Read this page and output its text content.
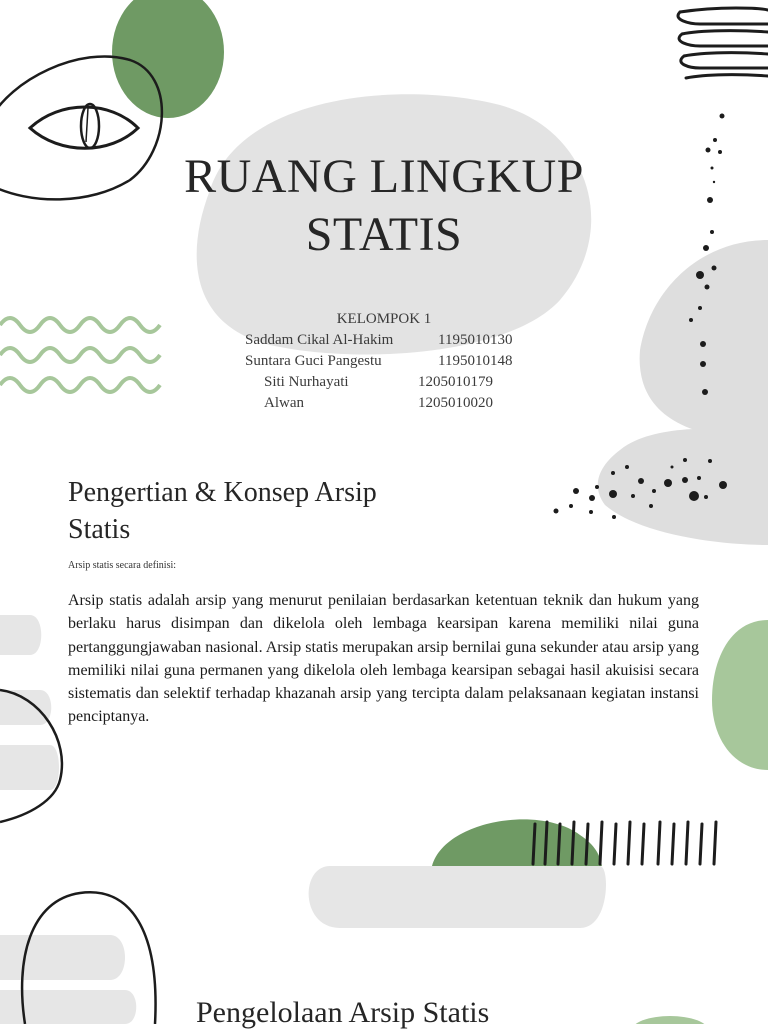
RUANG LINGKUP
STATIS
KELOMPOK 1
Saddam Cikal Al-Hakim	1195010130
Suntara Guci Pangestu	1195010148
Siti Nurhayati	1205010179
Alwan	1205010020
Pengertian & Konsep Arsip
Statis
Arsip statis secara definisi:
Arsip statis adalah arsip yang menurut penilaian berdasarkan ketentuan teknik dan hukum yang berlaku harus disimpan dan dikelola oleh lembaga kearsipan karena memiliki nilai guna pertanggungjawaban nasional. Arsip statis merupakan arsip bernilai guna sekunder atau arsip yang memiliki nilai guna permanen yang dikelola oleh lembaga kearsipan sebagai hasil akuisisi secara sistematis dan selektif terhadap khazanah arsip yang tercipta dalam pelaksanaan kegiatan instansi penciptanya.
Pengelolaan Arsip Statis
